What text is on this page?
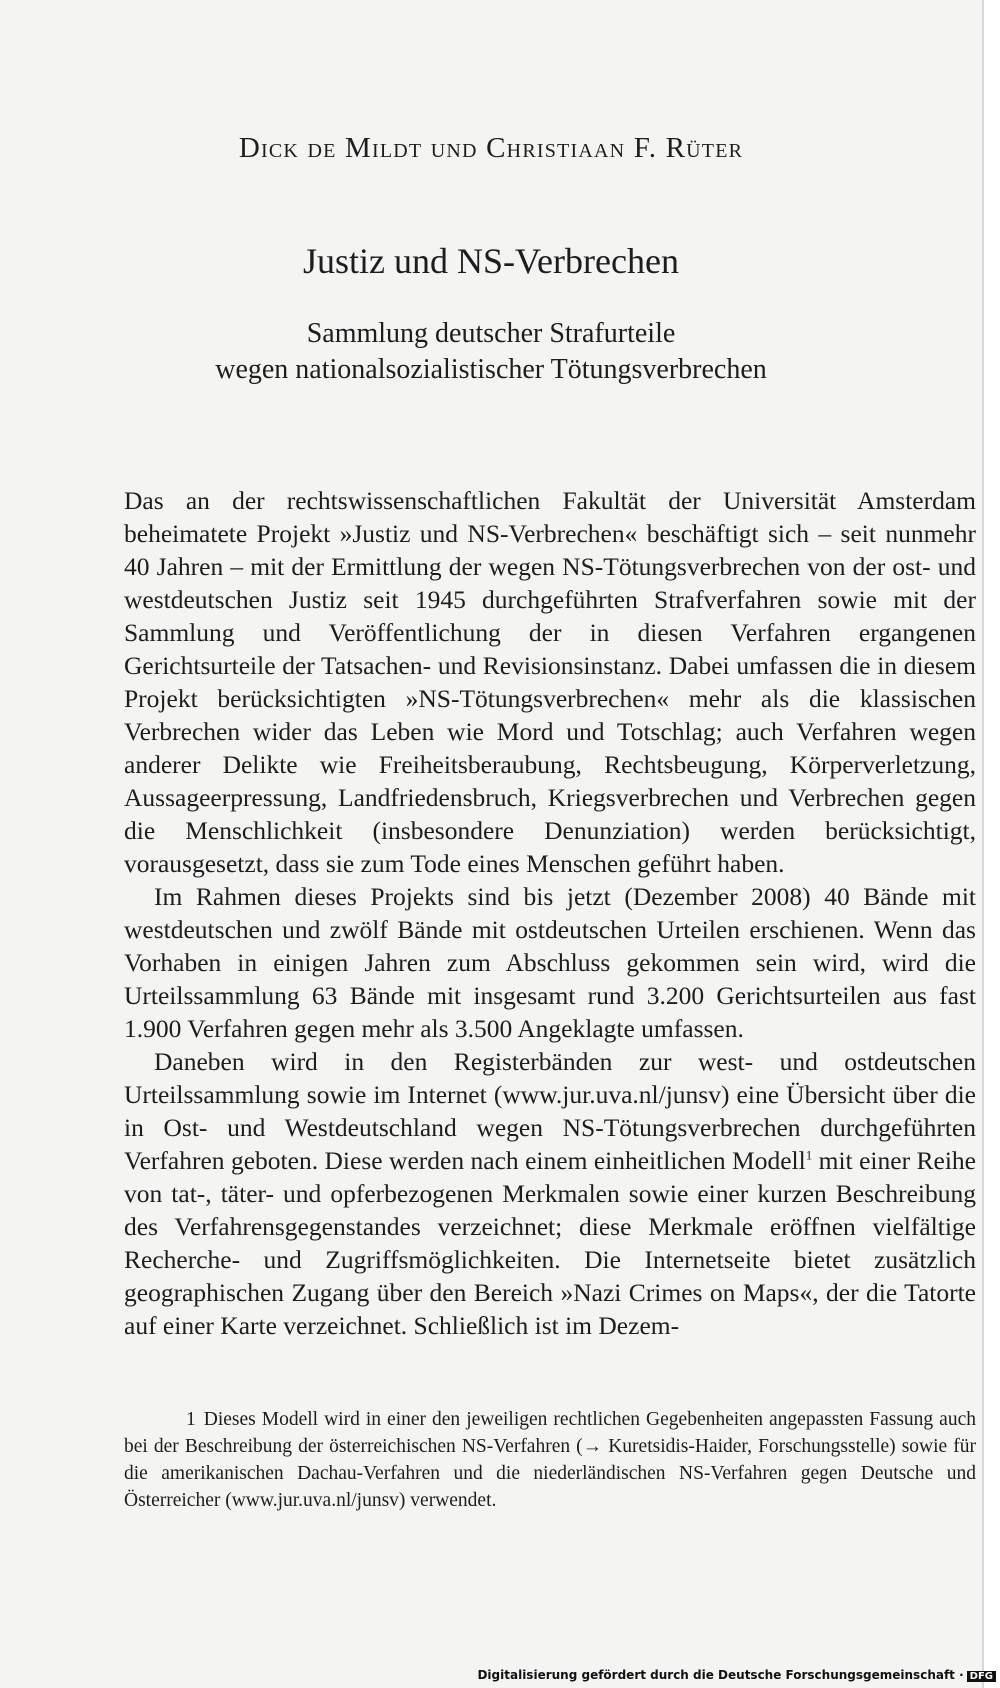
Dick de Mildt und Christiaan F. Rüter
Justiz und NS-Verbrechen
Sammlung deutscher Strafurteile
wegen nationalsozialistischer Tötungsverbrechen

Das an der rechtswissenschaftlichen Fakultät der Universität Amsterdam beheimatete Projekt »Justiz und NS-Verbrechen« beschäftigt sich – seit nunmehr 40 Jahren – mit der Ermittlung der wegen NS-Tötungsverbrechen von der ost- und westdeutschen Justiz seit 1945 durchgeführten Strafverfahren sowie mit der Sammlung und Veröffentlichung der in diesen Verfahren ergangenen Gerichtsurteile der Tatsachen- und Revisionsinstanz. Dabei umfassen die in diesem Projekt berücksichtigten »NS-Tötungsverbrechen« mehr als die klassischen Verbrechen wider das Leben wie Mord und Totschlag; auch Verfahren wegen anderer Delikte wie Freiheitsberaubung, Rechtsbeugung, Körperverletzung, Aussageerpressung, Landfriedensbruch, Kriegsverbrechen und Verbrechen gegen die Menschlichkeit (insbesondere Denunziation) werden berücksichtigt, vorausgesetzt, dass sie zum Tode eines Menschen geführt haben.

Im Rahmen dieses Projekts sind bis jetzt (Dezember 2008) 40 Bände mit westdeutschen und zwölf Bände mit ostdeutschen Urteilen erschienen. Wenn das Vorhaben in einigen Jahren zum Abschluss gekommen sein wird, wird die Urteilssammlung 63 Bände mit insgesamt rund 3.200 Gerichtsurteilen aus fast 1.900 Verfahren gegen mehr als 3.500 Angeklagte umfassen.

Daneben wird in den Registerbänden zur west- und ostdeutschen Urteilssammlung sowie im Internet (www.jur.uva.nl/junsv) eine Übersicht über die in Ost- und Westdeutschland wegen NS-Tötungsverbrechen durchgeführten Verfahren geboten. Diese werden nach einem einheitlichen Modell$^1$ mit einer Reihe von tat-, täter- und opferbezogenen Merkmalen sowie einer kurzen Beschreibung des Verfahrensgegenstandes verzeichnet; diese Merkmale eröffnen vielfältige Recherche- und Zugriffsmöglichkeiten. Die Internetseite bietet zusätzlich geographischen Zugang über den Bereich »Nazi Crimes on Maps«, der die Tatorte auf einer Karte verzeichnet. Schließlich ist im Dezem-

1 Dieses Modell wird in einer den jeweiligen rechtlichen Gegebenheiten angepassten Fassung auch bei der Beschreibung der österreichischen NS-Verfahren (→ Kuretsidis-Haider, Forschungsstelle) sowie für die amerikanischen Dachau-Verfahren und die niederländischen NS-Verfahren gegen Deutsche und Österreicher (www.jur.uva.nl/junsv) verwendet.
Digitalisierung gefördert durch die Deutsche Forschungsgemeinschaft · DFG
